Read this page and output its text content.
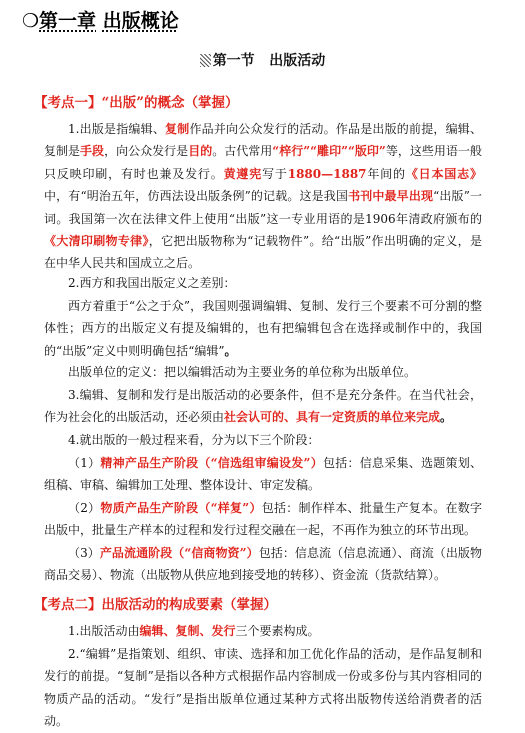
❍第一章 出版概论
第一节   出版活动
【考点一】“出版”的概念（掌握）
1.出版是指编辑、复制作品并向公众发行的活动。作品是出版的前提，编辑、复制是手段，向公众发行是目的。古代常用“梓行”“雕印”“版印”等，这些用语一般只反映印刷，有时也兼及发行。黄遵宪写于1880—1887年间的《日本国志》中，有“明治五年，仿西法设出版条例”的记载。这是我国书刊中最早出现“出版”一词。我国第一次在法律文件上使用“出版”这一专业用语的是1906年清政府颁布的《大清印刷物专律》，它把出版物称为“记载物件”。给“出版”作出明确的定义，是在中华人民共和国成立之后。
2.西方和我国出版定义之差别：
西方着重于“公之于众”，我国则强调编辑、复制、发行三个要素不可分割的整体性；西方的出版定义有提及编辑的，也有把编辑包含在选择或制作中的，我国的“出版”定义中则明确包括“编辑”。
出版单位的定义：把以编辑活动为主要业务的单位称为出版单位。
3.编辑、复制和发行是出版活动的必要条件，但不是充分条件。在当代社会，作为社会化的出版活动，还必须由社会认可的、具有一定资质的单位来完成。
4.就出版的一般过程来看，分为以下三个阶段：
（1）精神产品生产阶段（“信选组审编设发”）包括：信息采集、选题策划、组稿、审稿、编辑加工处理、整体设计、审定发稿。
（2）物质产品生产阶段（“样复”）包括：制作样本、批量生产复本。在数字出版中，批量生产样本的过程和发行过程交融在一起，不再作为独立的环节出现。
（3）产品流通阶段（“信商物资”）包括：信息流（信息流通）、商流（出版物商品交易）、物流（出版物从供应地到接受地的转移）、资金流（货款结算）。
【考点二】出版活动的构成要素（掌握）
1.出版活动由编辑、复制、发行三个要素构成。
2.“编辑”是指策划、组织、审读、选择和加工优化作品的活动，是作品复制和发行的前提。“复制”是指以各种方式根据作品内容制成一份或多份与其内容相同的物质产品的活动。“发行”是指出版单位通过某种方式将出版物传送给消费者的活动。
